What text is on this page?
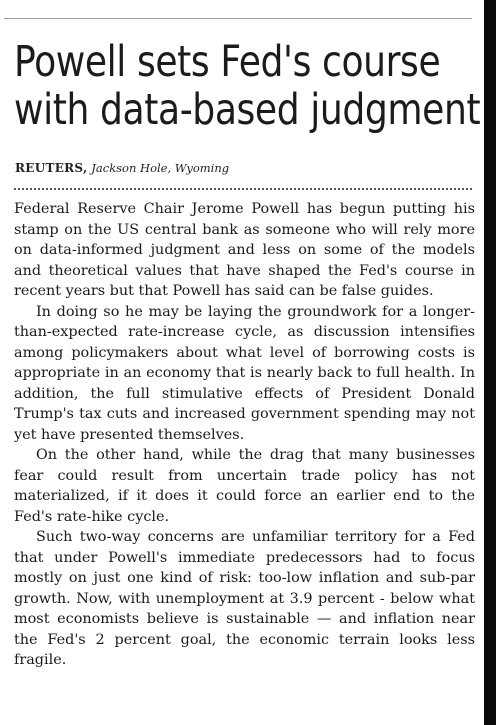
Powell sets Fed's course
with data-based judgment
REUTERS, Jackson Hole, Wyoming

Federal Reserve Chair Jerome Powell has begun putting his stamp on the US central bank as someone who will rely more on data-informed judgment and less on some of the models and theoretical values that have shaped the Fed's course in recent years but that Powell has said can be false guides.

In doing so he may be laying the groundwork for a longer-than-expected rate-increase cycle, as discussion intensifies among policymakers about what level of borrowing costs is appropriate in an economy that is nearly back to full health. In addition, the full stimulative effects of President Donald Trump's tax cuts and increased government spending may not yet have presented themselves.

On the other hand, while the drag that many businesses fear could result from uncertain trade policy has not materialized, if it does it could force an earlier end to the Fed's rate-hike cycle.

Such two-way concerns are unfamiliar territory for a Fed that under Powell's immediate predecessors had to focus mostly on just one kind of risk: too-low inflation and sub-par growth. Now, with unemployment at 3.9 percent - below what most economists believe is sustainable — and inflation near the Fed's 2 percent goal, the economic terrain looks less fragile.
